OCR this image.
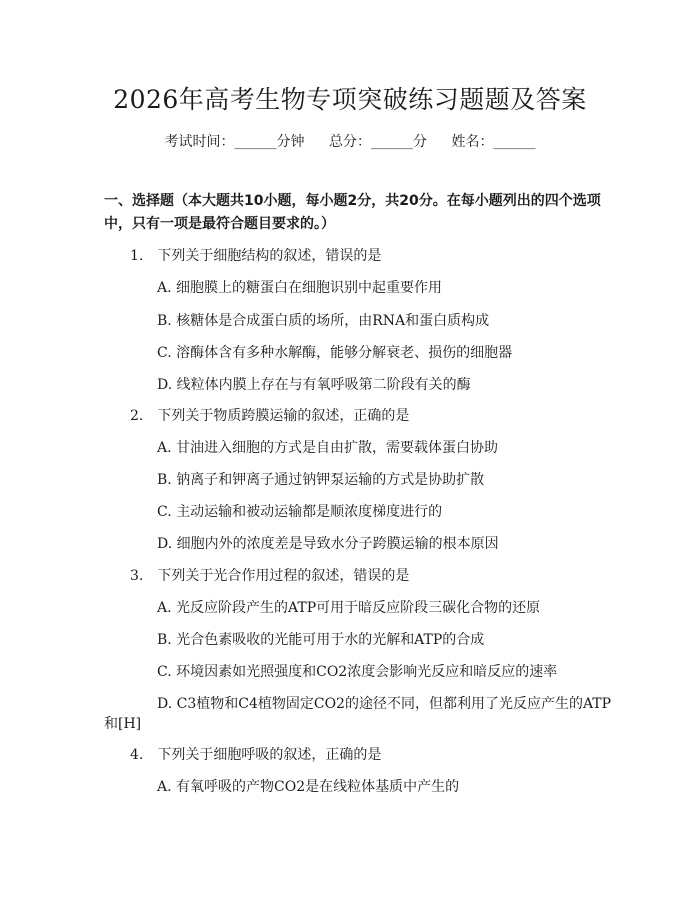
2026年高考生物专项突破练习题题及答案
考试时间：______分钟 总分：______分 姓名：______
一、选择题（本大题共10小题，每小题2分，共20分。在每小题列出的四个选项中，只有一项是最符合题目要求的。）
1.　下列关于细胞结构的叙述，错误的是
A. 细胞膜上的糖蛋白在细胞识别中起重要作用
B. 核糖体是合成蛋白质的场所，由RNA和蛋白质构成
C. 溶酶体含有多种水解酶，能够分解衰老、损伤的细胞器
D. 线粒体内膜上存在与有氧呼吸第二阶段有关的酶
2.　下列关于物质跨膜运输的叙述，正确的是
A. 甘油进入细胞的方式是自由扩散，需要载体蛋白协助
B. 钠离子和钾离子通过钠钾泵运输的方式是协助扩散
C. 主动运输和被动运输都是顺浓度梯度进行的
D. 细胞内外的浓度差是导致水分子跨膜运输的根本原因
3.　下列关于光合作用过程的叙述，错误的是
A. 光反应阶段产生的ATP可用于暗反应阶段三碳化合物的还原
B. 光合色素吸收的光能可用于水的光解和ATP的合成
C. 环境因素如光照强度和CO2浓度会影响光反应和暗反应的速率
D. C3植物和C4植物固定CO2的途径不同，但都利用了光反应产生的ATP
和[H]
4.　下列关于细胞呼吸的叙述，正确的是
A. 有氧呼吸的产物CO2是在线粒体基质中产生的
